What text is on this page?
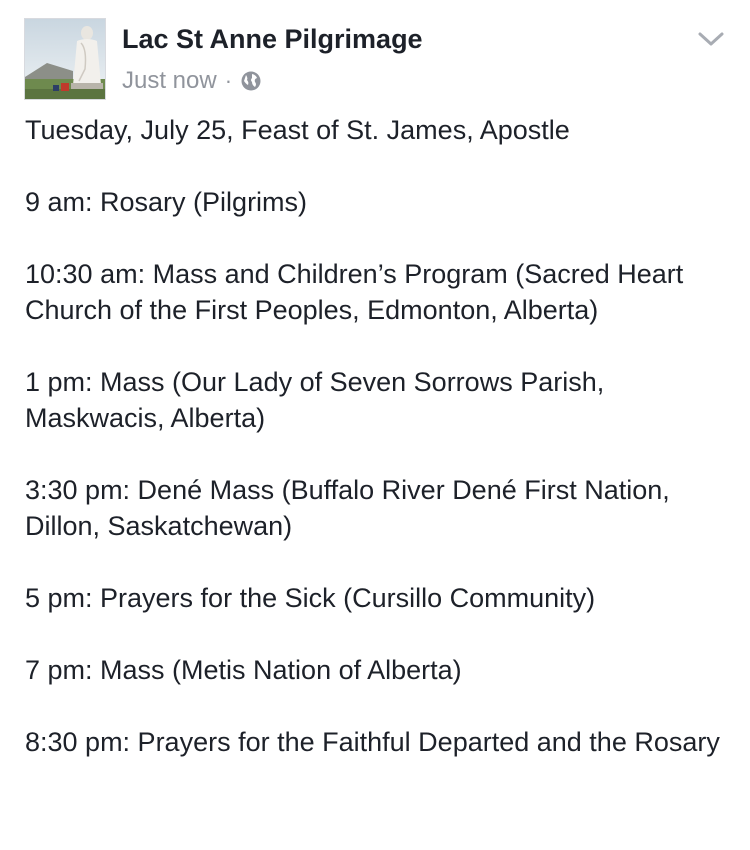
Lac St Anne Pilgrimage
Just now ·

Tuesday, July 25, Feast of St. James, Apostle

9 am: Rosary (Pilgrims)

10:30 am: Mass and Children’s Program (Sacred Heart Church of the First Peoples, Edmonton, Alberta)

1 pm: Mass (Our Lady of Seven Sorrows Parish, Maskwacis, Alberta)

3:30 pm: Dené Mass (Buffalo River Dené First Nation, Dillon, Saskatchewan)

5 pm: Prayers for the Sick (Cursillo Community)

7 pm: Mass (Metis Nation of Alberta)

8:30 pm: Prayers for the Faithful Departed and the Rosary
